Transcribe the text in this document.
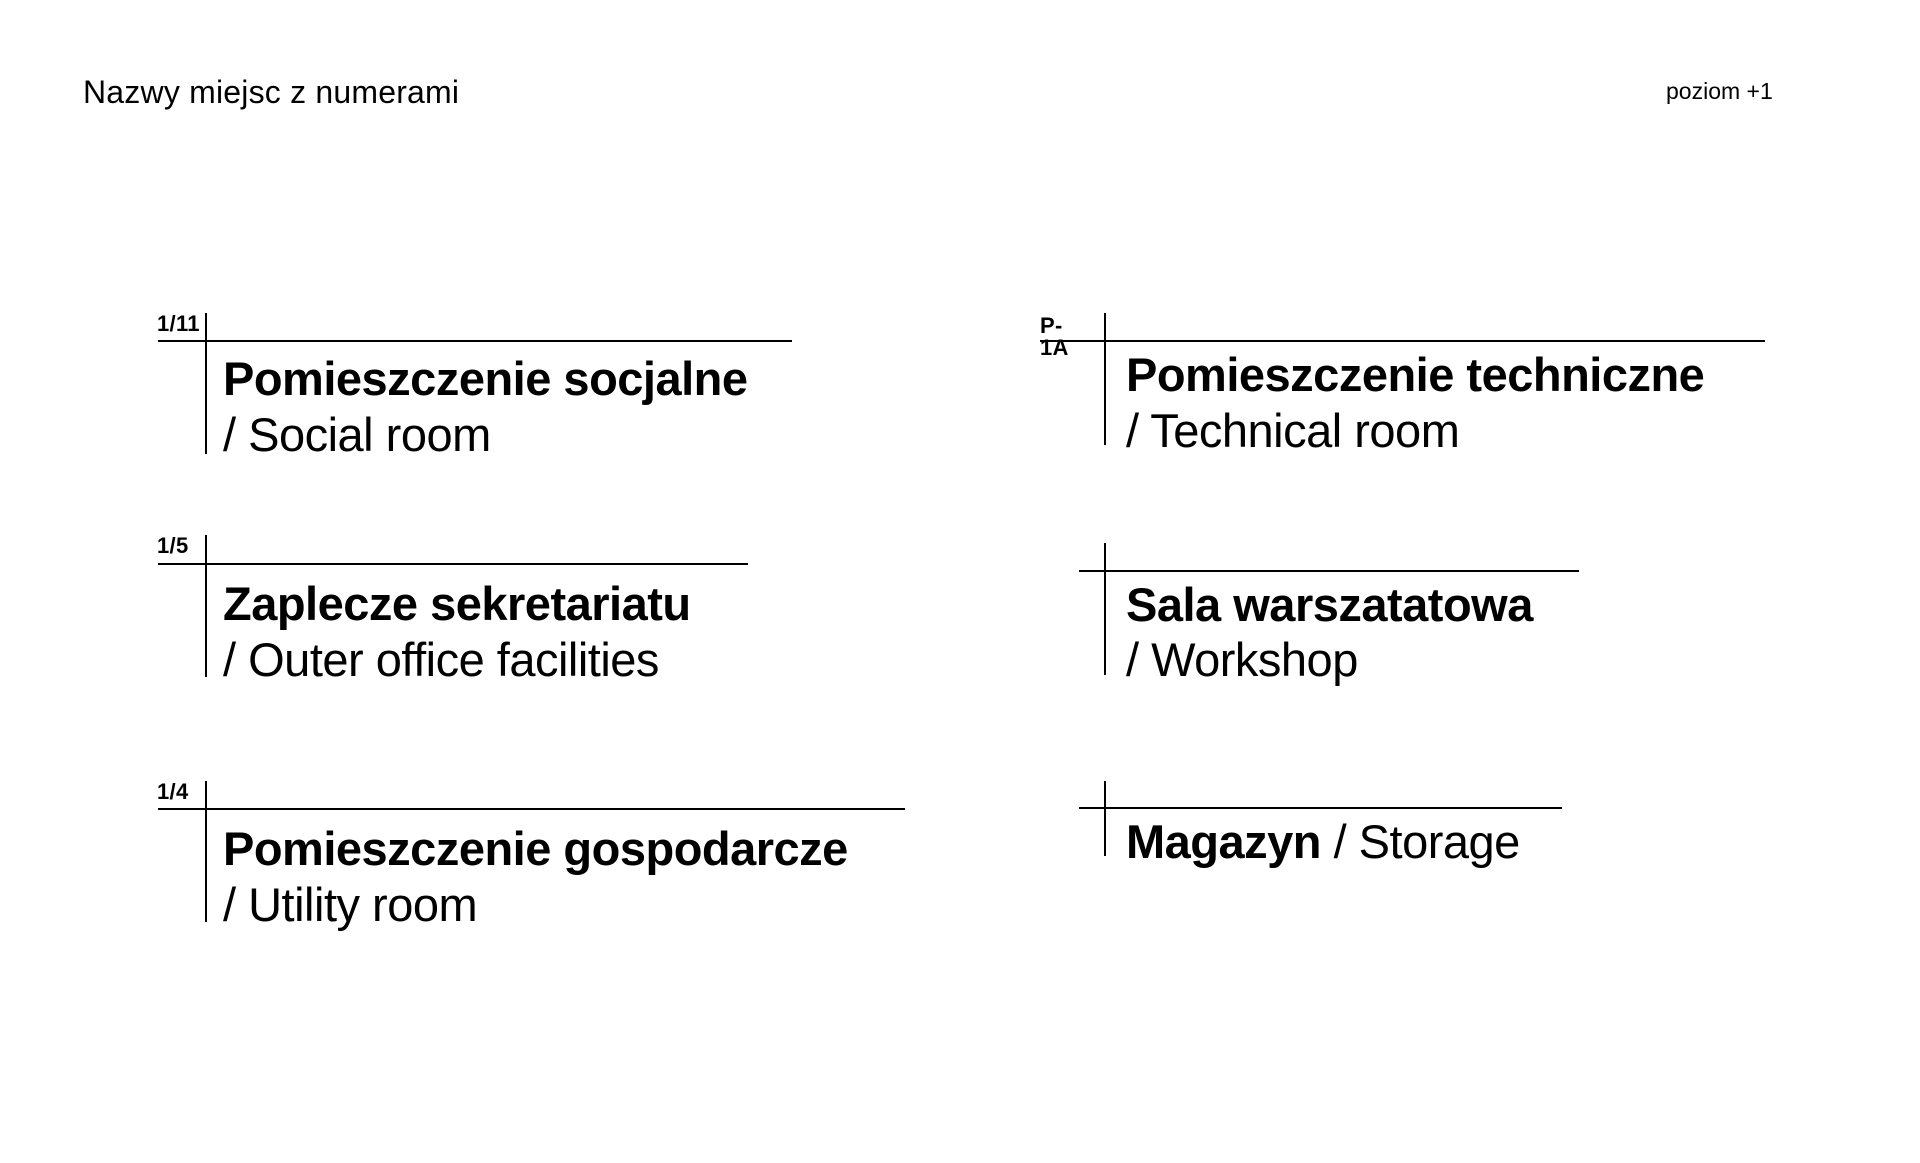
Nazwy miejsc z numerami	poziom +1
1/11
Pomieszczenie socjalne
/ Social room
1/5
Zaplecze sekretariatu
/ Outer office facilities
1/4
Pomieszczenie gospodarcze
/ Utility room
P-1A
Pomieszczenie techniczne
/ Technical room
Sala warszatatowa
/ Workshop
Magazyn / Storage
